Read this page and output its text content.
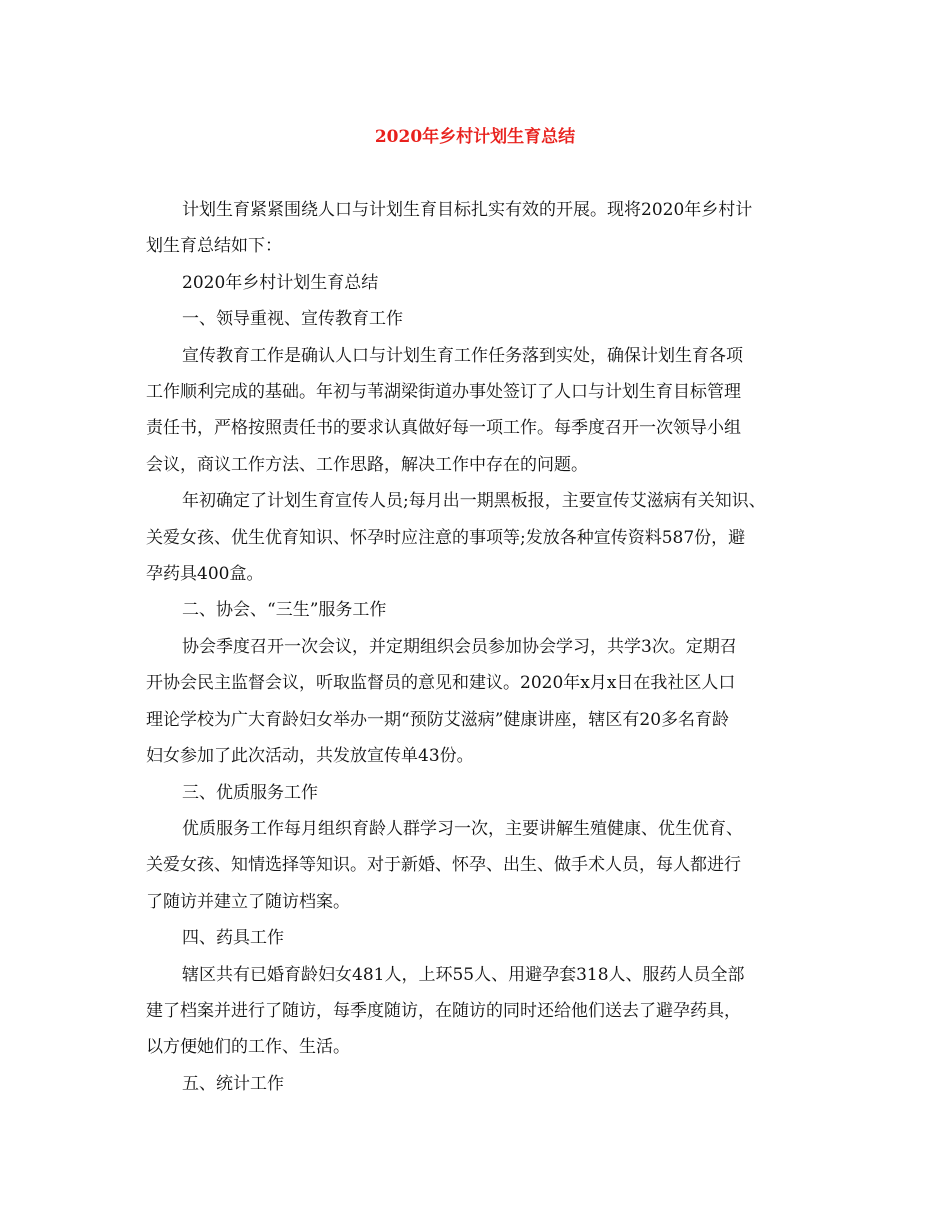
2020年乡村计划生育总结

计划生育紧紧围绕人口与计划生育目标扎实有效的开展。现将2020年乡村计
划生育总结如下：

2020年乡村计划生育总结

一、领导重视、宣传教育工作

宣传教育工作是确认人口与计划生育工作任务落到实处，确保计划生育各项
工作顺利完成的基础。年初与苇湖梁街道办事处签订了人口与计划生育目标管理
责任书，严格按照责任书的要求认真做好每一项工作。每季度召开一次领导小组
会议，商议工作方法、工作思路，解决工作中存在的问题。

年初确定了计划生育宣传人员;每月出一期黑板报，主要宣传艾滋病有关知识、
关爱女孩、优生优育知识、怀孕时应注意的事项等;发放各种宣传资料587份，避
孕药具400盒。

二、协会、“三生”服务工作

协会季度召开一次会议，并定期组织会员参加协会学习，共学3次。定期召
开协会民主监督会议，听取监督员的意见和建议。2020年x月x日在我社区人口
理论学校为广大育龄妇女举办一期“预防艾滋病”健康讲座，辖区有20多名育龄
妇女参加了此次活动，共发放宣传单43份。

三、优质服务工作

优质服务工作每月组织育龄人群学习一次，主要讲解生殖健康、优生优育、
关爱女孩、知情选择等知识。对于新婚、怀孕、出生、做手术人员，每人都进行
了随访并建立了随访档案。

四、药具工作

辖区共有已婚育龄妇女481人，上环55人、用避孕套318人、服药人员全部
建了档案并进行了随访，每季度随访，在随访的同时还给他们送去了避孕药具，
以方便她们的工作、生活。

五、统计工作
